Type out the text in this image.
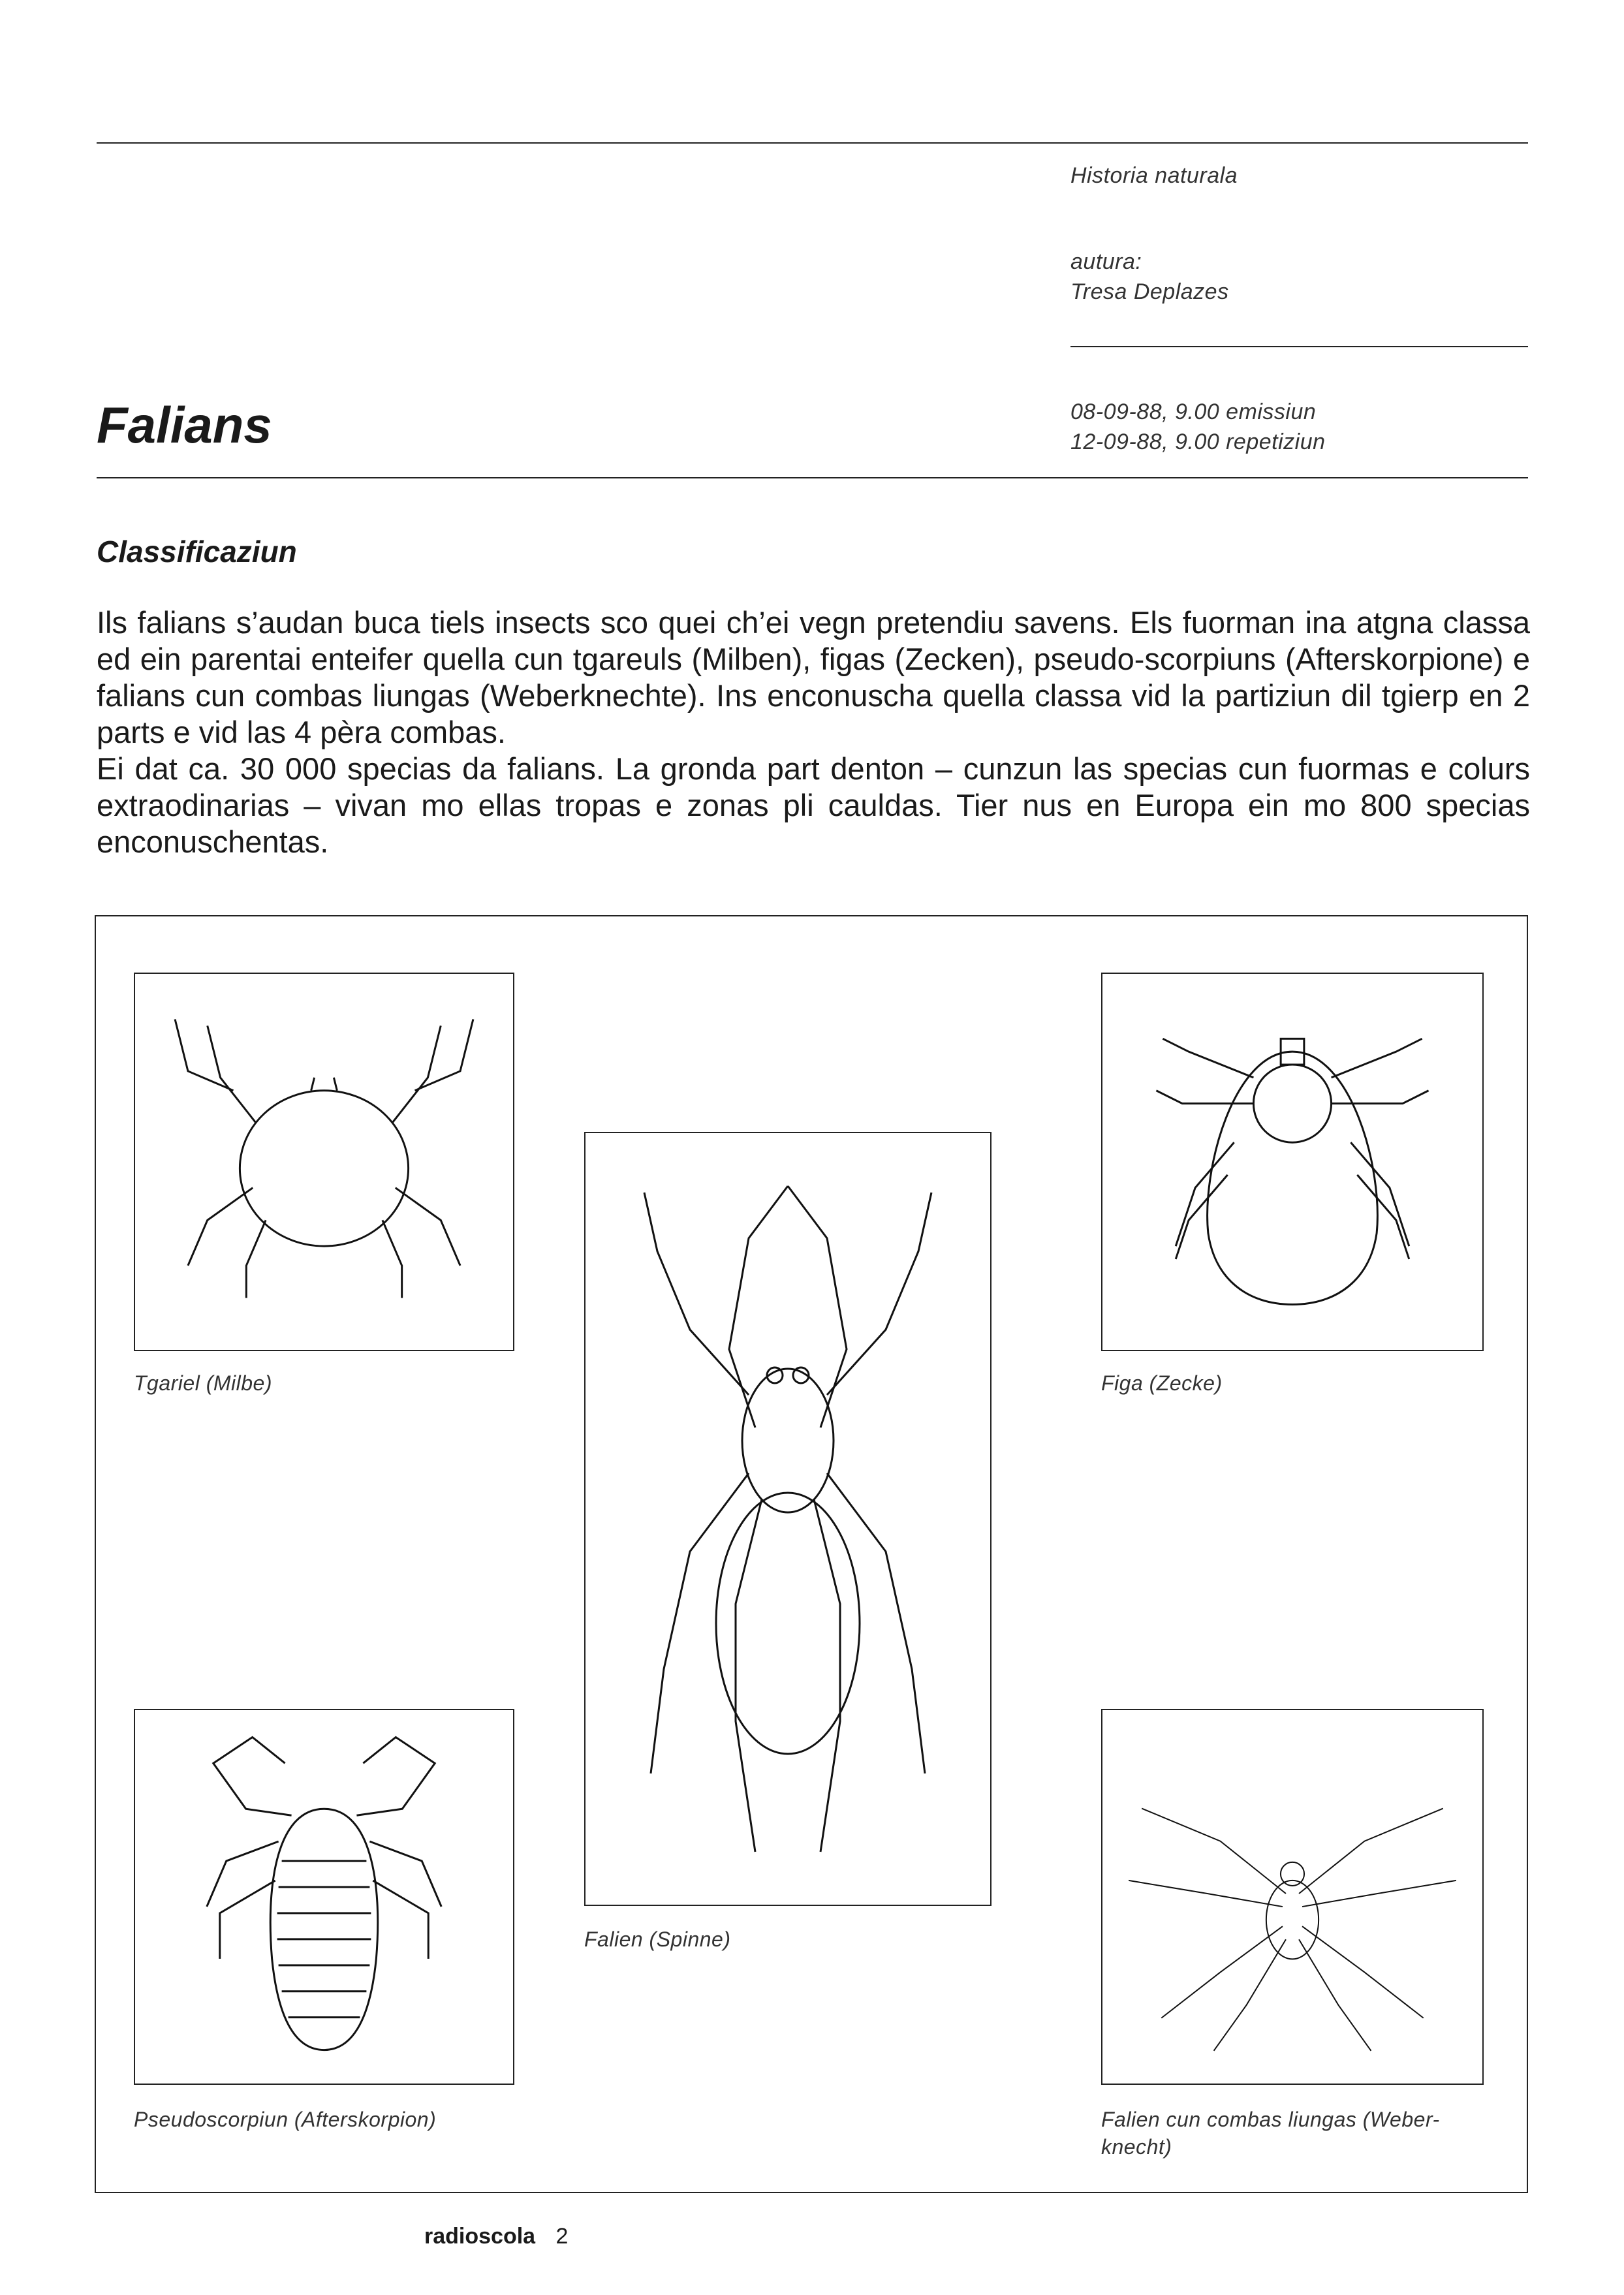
Historia naturala
autura:
Tresa Deplazes
08-09-88, 9.00 emissiun
12-09-88, 9.00 repetiziun
Falians
Classificaziun

Ils falians s’audan buca tiels insects sco quei ch’ei vegn pretendiu savens. Els fuorman ina atgna classa ed ein parentai enteifer quella cun tgareuls (Milben), figas (Zecken), pseudo-scorpiuns (Afterskorpione) e falians cun combas liungas (Weberknechte). Ins enconuscha quella classa vid la partiziun dil tgierp en 2 parts e vid las 4 pèra combas.

Ei dat ca. 30 000 specias da falians. La gronda part denton – cunzun las specias cun fuormas e colurs extraodinarias – vivan mo ellas tropas e zonas pli cauldas. Tier nus en Europa ein mo 800 specias enconuschentas.

Tgariel (Milbe)
Falien (Spinne)
Figa (Zecke)
Pseudoscorpiun (Afterskorpion)	Falien cun combas liungas (Weber-knecht)
radioscola 2
